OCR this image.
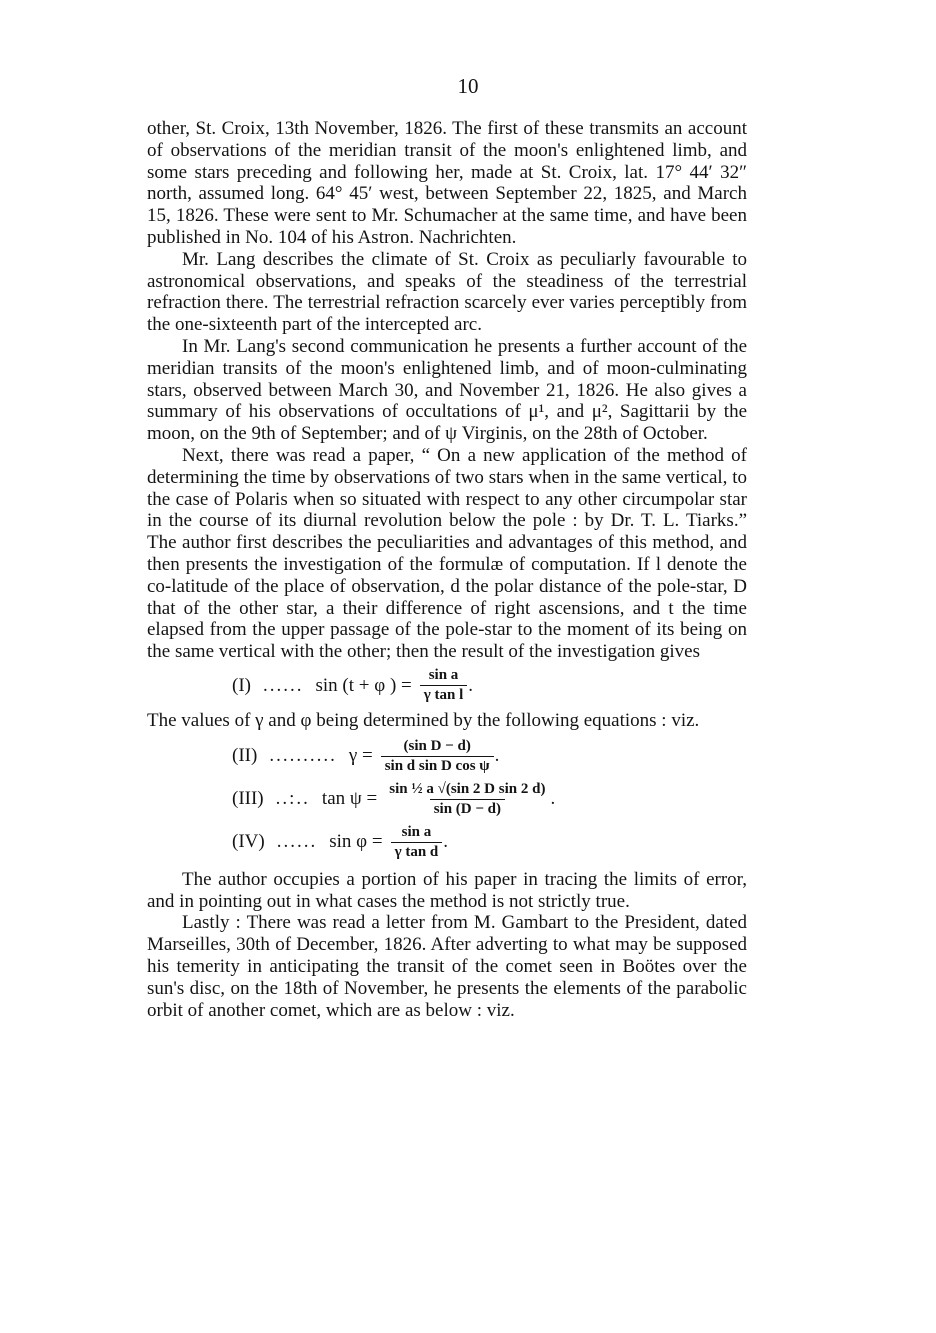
10

other, St. Croix, 13th November, 1826. The first of these transmits an account of observations of the meridian transit of the moon's enlightened limb, and some stars preceding and following her, made at St. Croix, lat. 17° 44′ 32″ north, assumed long. 64° 45′ west, between September 22, 1825, and March 15, 1826. These were sent to Mr. Schumacher at the same time, and have been published in No. 104 of his Astron. Nachrichten.

Mr. Lang describes the climate of St. Croix as peculiarly favourable to astronomical observations, and speaks of the steadiness of the terrestrial refraction there. The terrestrial refraction scarcely ever varies perceptibly from the one-sixteenth part of the intercepted arc.

In Mr. Lang's second communication he presents a further account of the meridian transits of the moon's enlightened limb, and of moon-culminating stars, observed between March 30, and November 21, 1826. He also gives a summary of his observations of occultations of μ¹, and μ², Sagittarii by the moon, on the 9th of September; and of ψ Virginis, on the 28th of October.

Next, there was read a paper, “ On a new application of the method of determining the time by observations of two stars when in the same vertical, to the case of Polaris when so situated with respect to any other circumpolar star in the course of its diurnal revolution below the pole : by Dr. T. L. Tiarks.” The author first describes the peculiarities and advantages of this method, and then presents the investigation of the formulæ of computation. If l denote the co-latitude of the place of observation, d the polar distance of the pole-star, D that of the other star, a their difference of right ascensions, and t the time elapsed from the upper passage of the pole-star to the moment of its being on the same vertical with the other; then the result of the investigation gives

(I) ...... sin (t + φ ) = $\frac{\text{sin a}}{\text{γ tan l}}$ .

The values of γ and φ being determined by the following equations : viz.

(II) .......... $\gamma = \frac{\text{(sin D − d)}}{\text{sin d sin D cos ψ}}$ .
(III) ..:.. $\tan \psi = \frac{\text{sin ½ a √(sin 2 D sin 2 d)}}{\sin (D - d)}$ .
(IV) ...... $\sin \varphi = \frac{\text{sin a}}{\text{γ tan d}}$ .

The author occupies a portion of his paper in tracing the limits of error, and in pointing out in what cases the method is not strictly true.

Lastly : There was read a letter from M. Gambart to the President, dated Marseilles, 30th of December, 1826. After adverting to what may be supposed his temerity in anticipating the transit of the comet seen in Boötes over the sun's disc, on the 18th of November, he presents the elements of the parabolic orbit of another comet, which are as below : viz.
